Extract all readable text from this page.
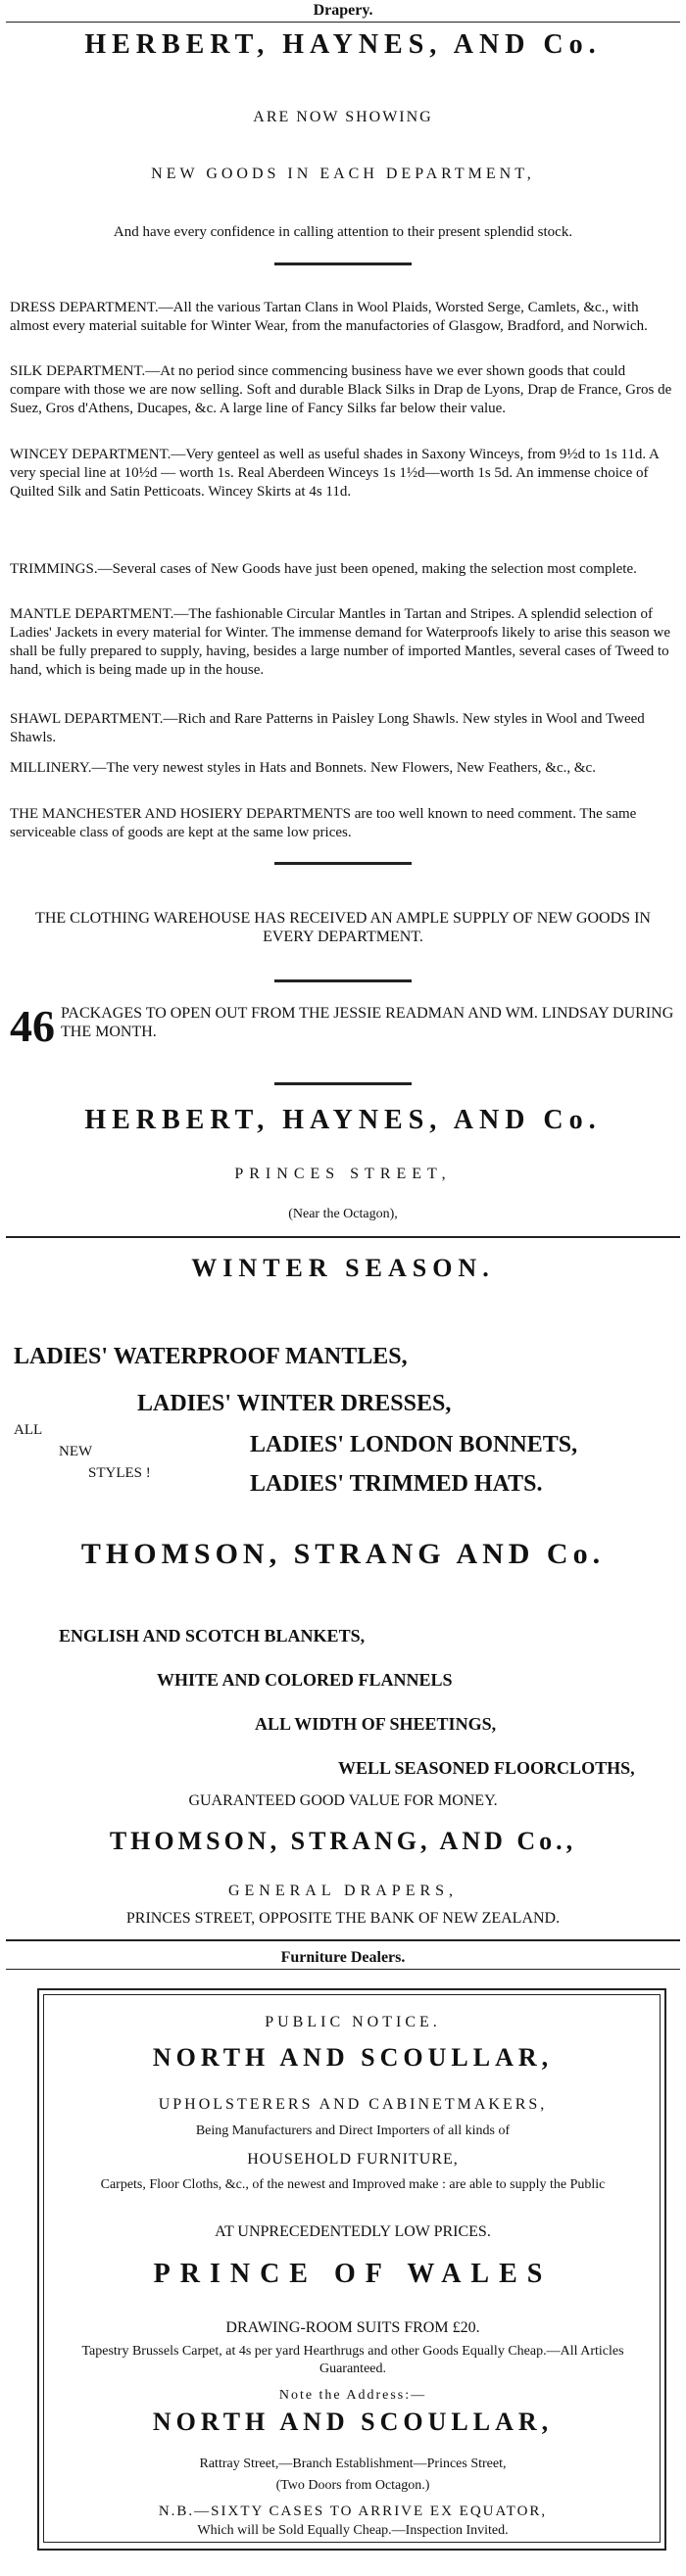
Drapery.
HERBERT, HAYNES, AND Co.
ARE NOW SHOWING
NEW GOODS IN EACH DEPARTMENT,
And have every confidence in calling attention to their present splendid stock.
DRESS DEPARTMENT.—All the various Tartan Clans in Wool Plaids, Worsted Serge, Camlets, &c., with almost every material suitable for Winter Wear, from the manufactories of Glasgow, Bradford, and Norwich.
SILK DEPARTMENT.—At no period since commencing business have we ever shown goods that could compare with those we are now selling. Soft and durable Black Silks in Drap de Lyons, Drap de France, Gros de Suez, Gros d'Athens, Ducapes, &c. A large line of Fancy Silks far below their value.
WINCEY DEPARTMENT.—Very genteel as well as useful shades in Saxony Winceys, from 9½d to 1s 11d. A very special line at 10½d — worth 1s. Real Aberdeen Winceys 1s 1½d—worth 1s 5d. An immense choice of Quilted Silk and Satin Petticoats. Wincey Skirts at 4s 11d.
TRIMMINGS.—Several cases of New Goods have just been opened, making the selection most complete.
MANTLE DEPARTMENT.—The fashionable Circular Mantles in Tartan and Stripes. A splendid selection of Ladies' Jackets in every material for Winter. The immense demand for Waterproofs likely to arise this season we shall be fully prepared to supply, having, besides a large number of imported Mantles, several cases of Tweed to hand, which is being made up in the house.
SHAWL DEPARTMENT.—Rich and Rare Patterns in Paisley Long Shawls. New styles in Wool and Tweed Shawls.
MILLINERY.—The very newest styles in Hats and Bonnets. New Flowers, New Feathers, &c., &c.
THE MANCHESTER AND HOSIERY DEPARTMENTS are too well known to need comment. The same serviceable class of goods are kept at the same low prices.
THE CLOTHING WAREHOUSE HAS RECEIVED AN AMPLE SUPPLY OF NEW GOODS IN EVERY DEPARTMENT.
46 PACKAGES TO OPEN OUT FROM THE JESSIE READMAN AND WM. LINDSAY DURING THE MONTH.
HERBERT, HAYNES, AND Co.
PRINCES STREET,
(Near the Octagon),
WINTER SEASON.
LADIES' WATERPROOF MANTLES,
LADIES' WINTER DRESSES,
ALL
LADIES' LONDON BONNETS,
NEW
STYLES !	LADIES' TRIMMED HATS.
THOMSON, STRANG AND Co.
ENGLISH AND SCOTCH BLANKETS,
WHITE AND COLORED FLANNELS
ALL WIDTH OF SHEETINGS,
WELL SEASONED FLOORCLOTHS,
GUARANTEED GOOD VALUE FOR MONEY.
THOMSON, STRANG, AND Co.,
GENERAL DRAPERS,
PRINCES STREET, OPPOSITE THE BANK OF NEW ZEALAND.
Furniture Dealers.
PUBLIC NOTICE.
NORTH AND SCOULLAR,
UPHOLSTERERS AND CABINETMAKERS,
Being Manufacturers and Direct Importers of all kinds of
HOUSEHOLD FURNITURE,
Carpets, Floor Cloths, &c., of the newest and Improved make : are able to supply the Public
AT UNPRECEDENTEDLY LOW PRICES.
PRINCE OF WALES
DRAWING-ROOM SUITS FROM £20.
Tapestry Brussels Carpet, at 4s per yard Hearthrugs and other Goods Equally Cheap.—All Articles Guaranteed.
Note the Address:—
NORTH AND SCOULLAR,
Rattray Street,—Branch Establishment—Princes Street,
(Two Doors from Octagon.)
N.B.—SIXTY CASES TO ARRIVE EX EQUATOR,
Which will be Sold Equally Cheap.—Inspection Invited.
